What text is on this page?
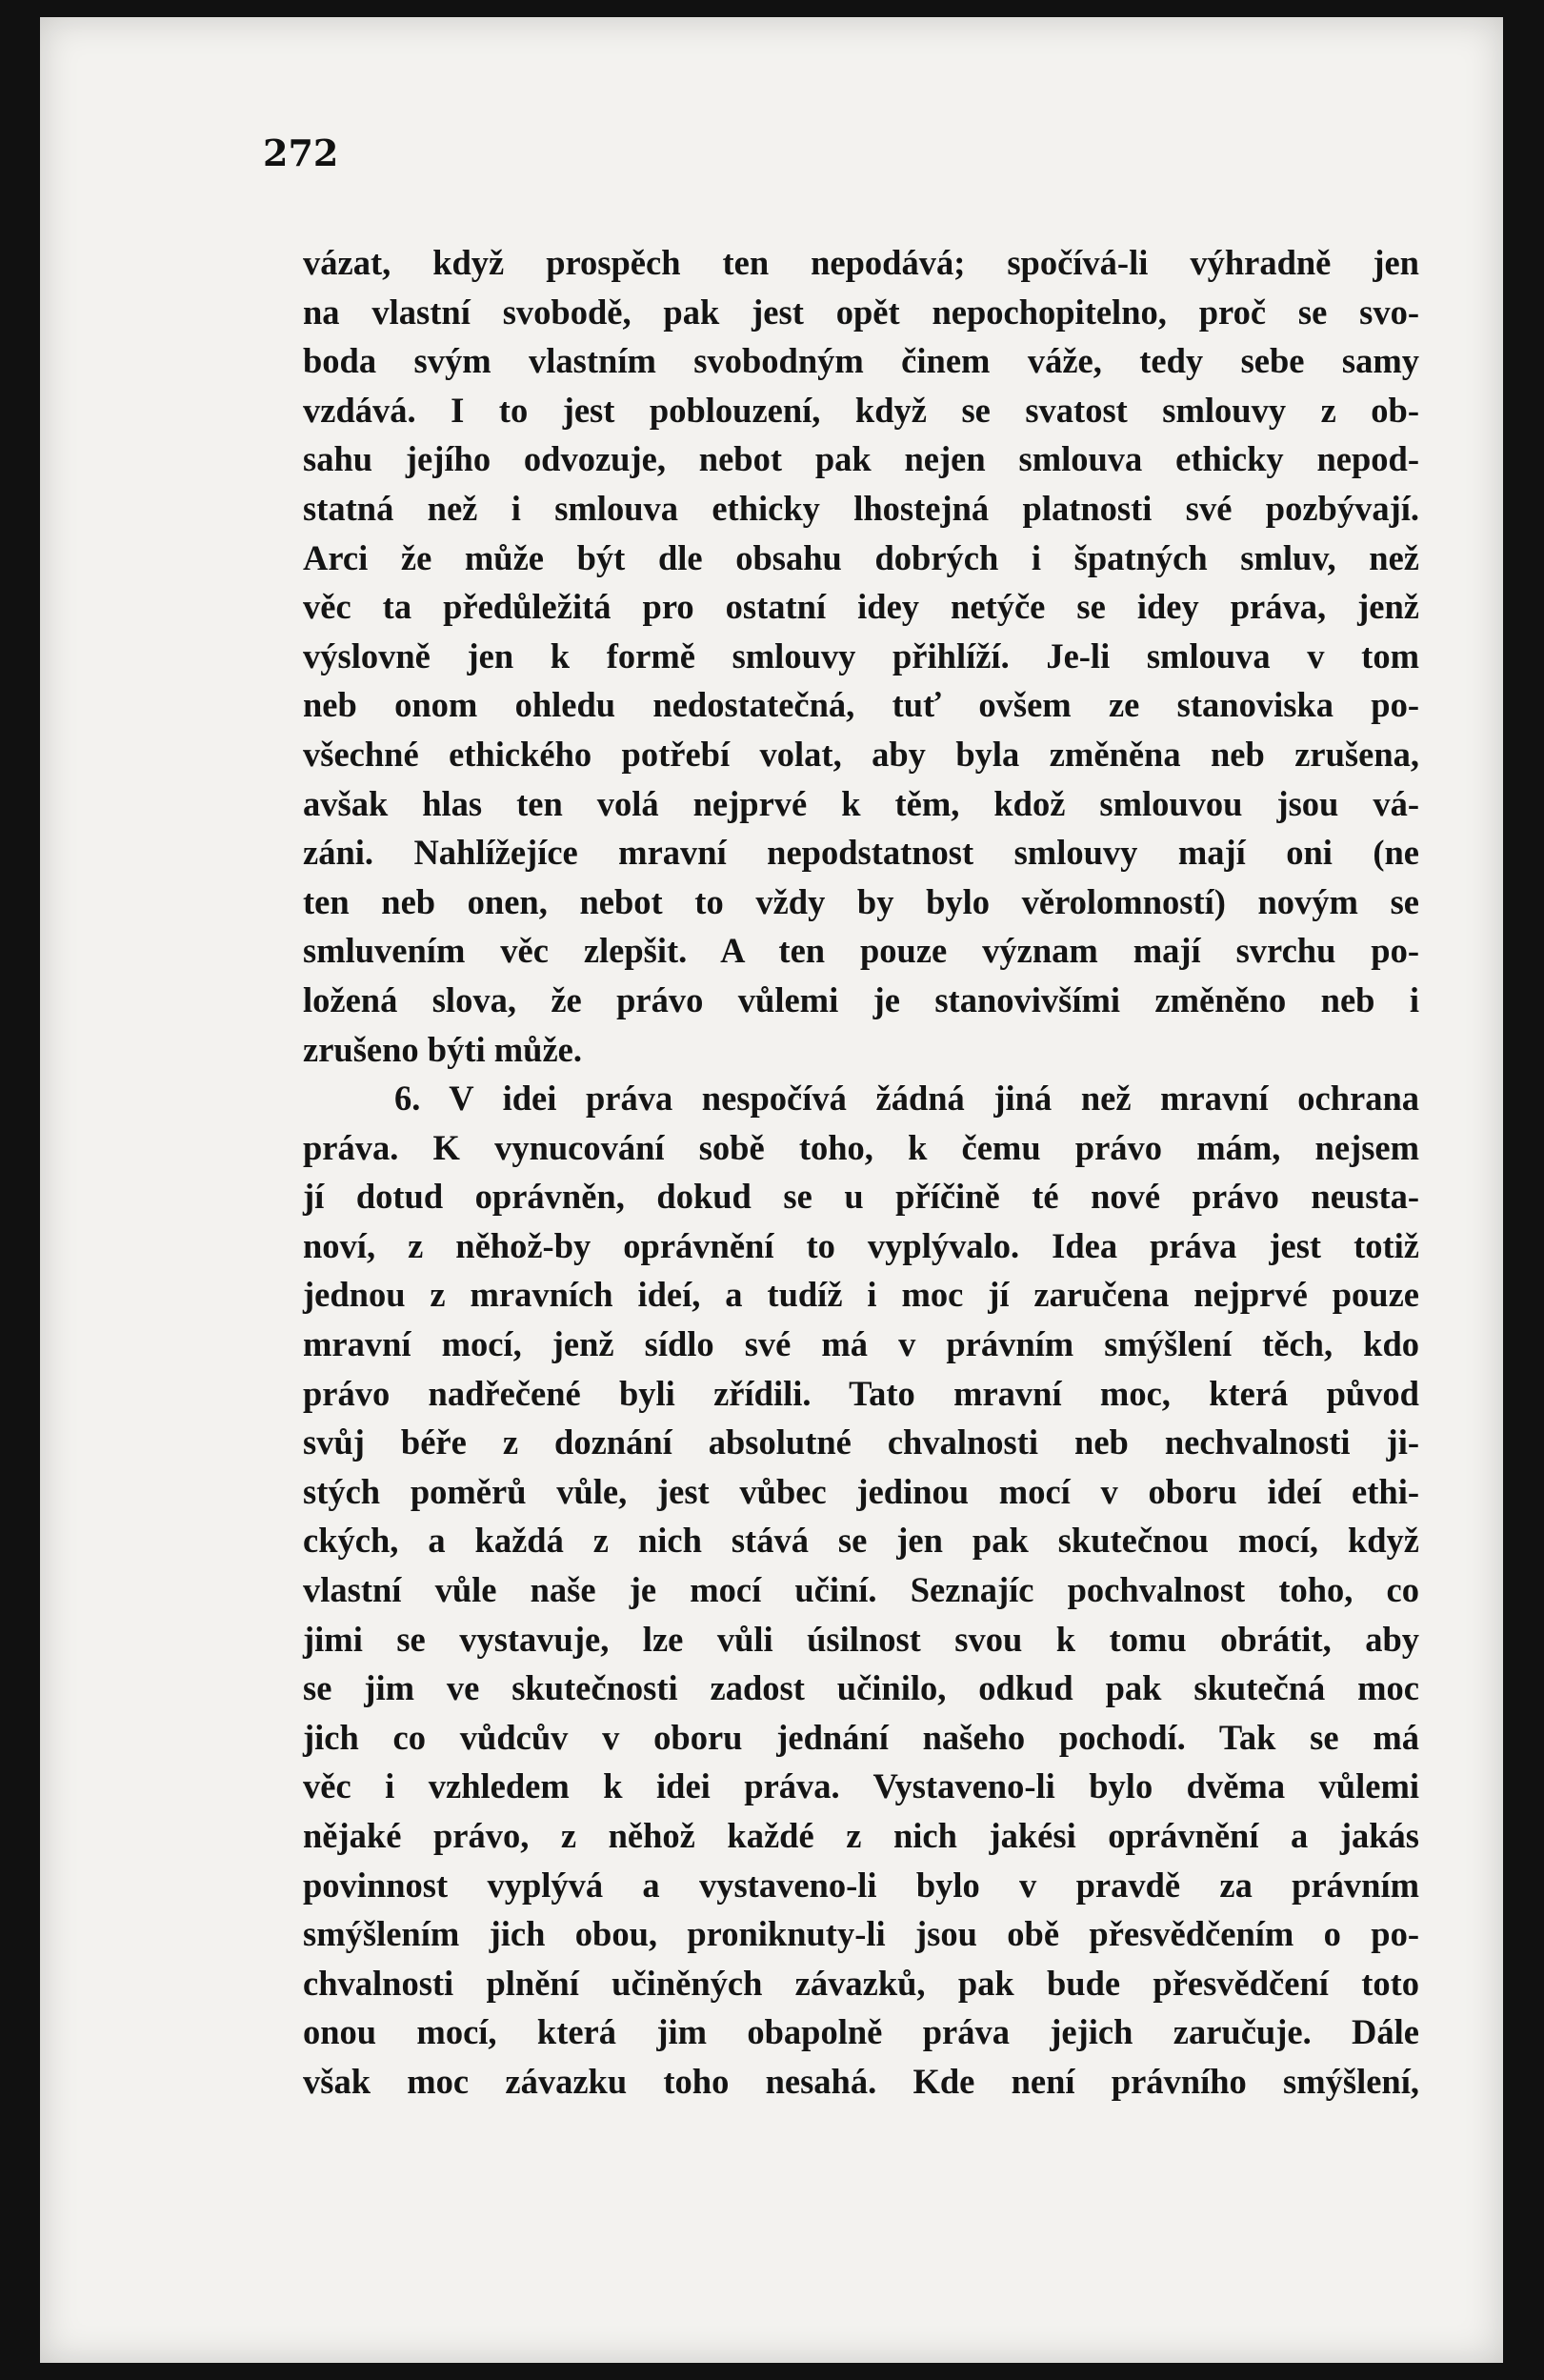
272
vázat, když prospěch ten nepodává; spočívá-li výhradně jen
na vlastní svobodě, pak jest opět nepochopitelno, proč se svo-
boda svým vlastním svobodným činem váže, tedy sebe samy
vzdává. I to jest poblouzení, když se svatost smlouvy z ob-
sahu jejího odvozuje, nebot pak nejen smlouva ethicky nepod-
statná než i smlouva ethicky lhostejná platnosti své pozbývají.
Arci že může být dle obsahu dobrých i špatných smluv, než
věc ta předůležitá pro ostatní idey netýče se idey práva, jenž
výslovně jen k formě smlouvy přihlíží. Je-li smlouva v tom
neb onom ohledu nedostatečná, tuť ovšem ze stanoviska po-
všechné ethického potřebí volat, aby byla změněna neb zrušena,
avšak hlas ten volá nejprvé k těm, kdož smlouvou jsou vá-
záni. Nahlížejíce mravní nepodstatnost smlouvy mají oni (ne
ten neb onen, nebot to vždy by bylo věrolomností) novým se
smluvením věc zlepšit. A ten pouze význam mají svrchu po-
ložená slova, že právo vůlemi je stanovivšími změněno neb i
zrušeno býti může.
6. V idei práva nespočívá žádná jiná než mravní ochrana
práva. K vynucování sobě toho, k čemu právo mám, nejsem
jí dotud oprávněn, dokud se u příčině té nové právo neusta-
noví, z něhož-by oprávnění to vyplývalo. Idea práva jest totiž
jednou z mravních ideí, a tudíž i moc jí zaručena nejprvé pouze
mravní mocí, jenž sídlo své má v právním smýšlení těch, kdo
právo nadřečené byli zřídili. Tato mravní moc, která původ
svůj béře z doznání absolutné chvalnosti neb nechvalnosti ji-
stých poměrů vůle, jest vůbec jedinou mocí v oboru ideí ethi-
ckých, a každá z nich stává se jen pak skutečnou mocí, když
vlastní vůle naše je mocí učiní. Seznajíc pochvalnost toho, co
jimi se vystavuje, lze vůli úsilnost svou k tomu obrátit, aby
se jim ve skutečnosti zadost učinilo, odkud pak skutečná moc
jich co vůdcův v oboru jednání našeho pochodí. Tak se má
věc i vzhledem k idei práva. Vystaveno-li bylo dvěma vůlemi
nějaké právo, z něhož každé z nich jakési oprávnění a jakás
povinnost vyplývá a vystaveno-li bylo v pravdě za právním
smýšlením jich obou, proniknuty-li jsou obě přesvědčením o po-
chvalnosti plnění učiněných závazků, pak bude přesvědčení toto
onou mocí, která jim obapolně práva jejich zaručuje. Dále
však moc závazku toho nesahá. Kde není právního smýšlení,
